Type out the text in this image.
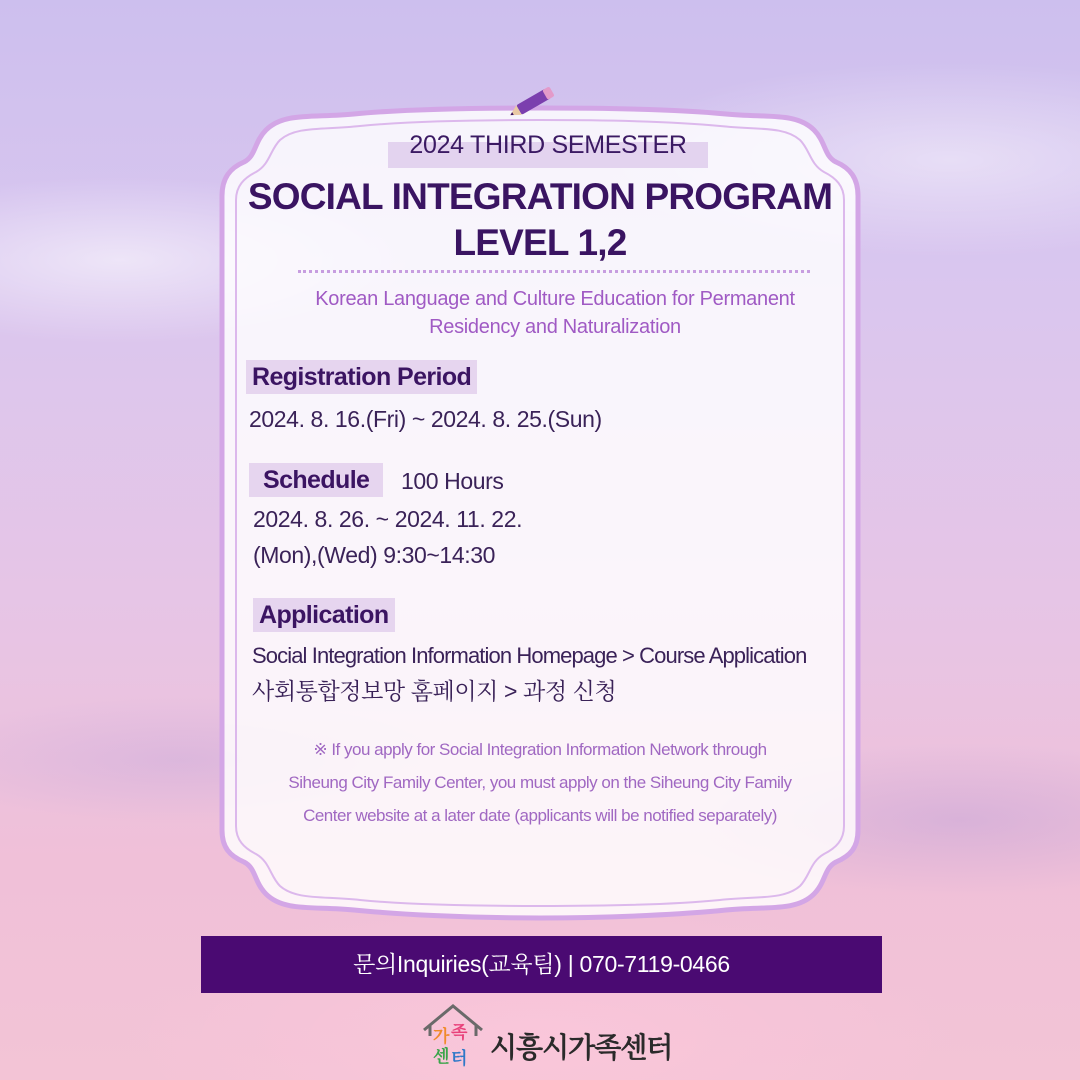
2024 THIRD SEMESTER
SOCIAL INTEGRATION PROGRAM
LEVEL 1,2
Korean Language and Culture Education for Permanent
Residency and Naturalization
Registration Period
2024. 8. 16.(Fri) ~ 2024. 8. 25.(Sun)
Schedule	100 Hours
2024. 8. 26. ~ 2024. 11. 22.
(Mon),(Wed) 9:30~14:30
Application
Social Integration Information Homepage > Course Application
사회통합정보망 홈페이지 > 과정 신청
※ If you apply for Social Integration Information Network through
Siheung City Family Center, you must apply on the Siheung City Family
Center website at a later date (applicants will be notified separately)
문의Inquiries(교육팀) | 070-7119-0466
가 족
센 터 시흥시가족센터
